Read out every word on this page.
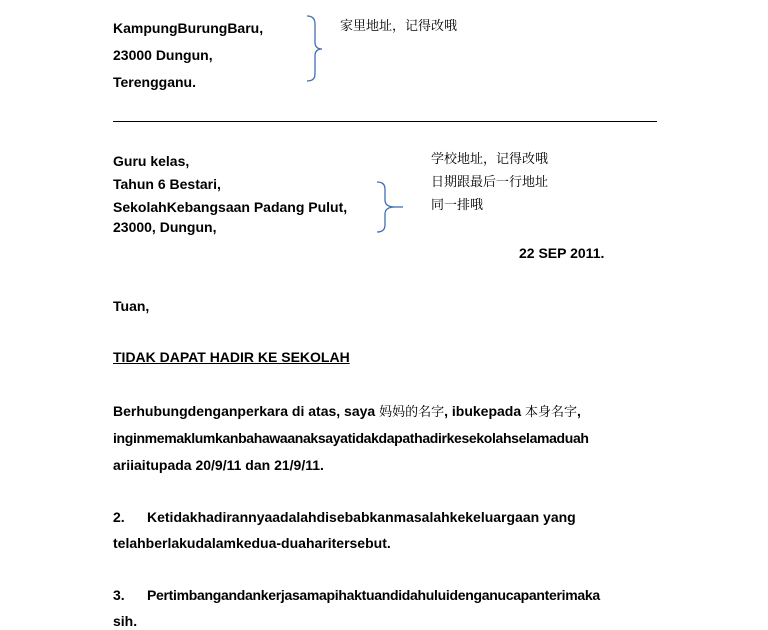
KampungBurungBaru,
23000 Dungun,
Terengganu.
家里地址，记得改哦
Guru kelas,
Tahun 6 Bestari,
SekolahKebangsaan Padang Pulut,
23000, Dungun,
学校地址，记得改哦
日期跟最后一行地址
同一排哦
22 SEP 2011.
Tuan,
TIDAK DAPAT HADIR KE SEKOLAH
Berhubungdenganperkara di atas, saya 妈妈的名字, ibukepada 本身名字,
inginmemaklumkanbahawaanaksayatidakdapathadirkesekolahselamaduah
ariiaitupada 20/9/11 dan 21/9/11.
2. Ketidakhadirannyaadalahdisebabkanmasalahkekeluargaan yang
telahberlakudalamkedua-duaharitersebut.
3. Pertimbangandankerjasamapihaktuandidahuluidenganucapanterimaka
sih.
